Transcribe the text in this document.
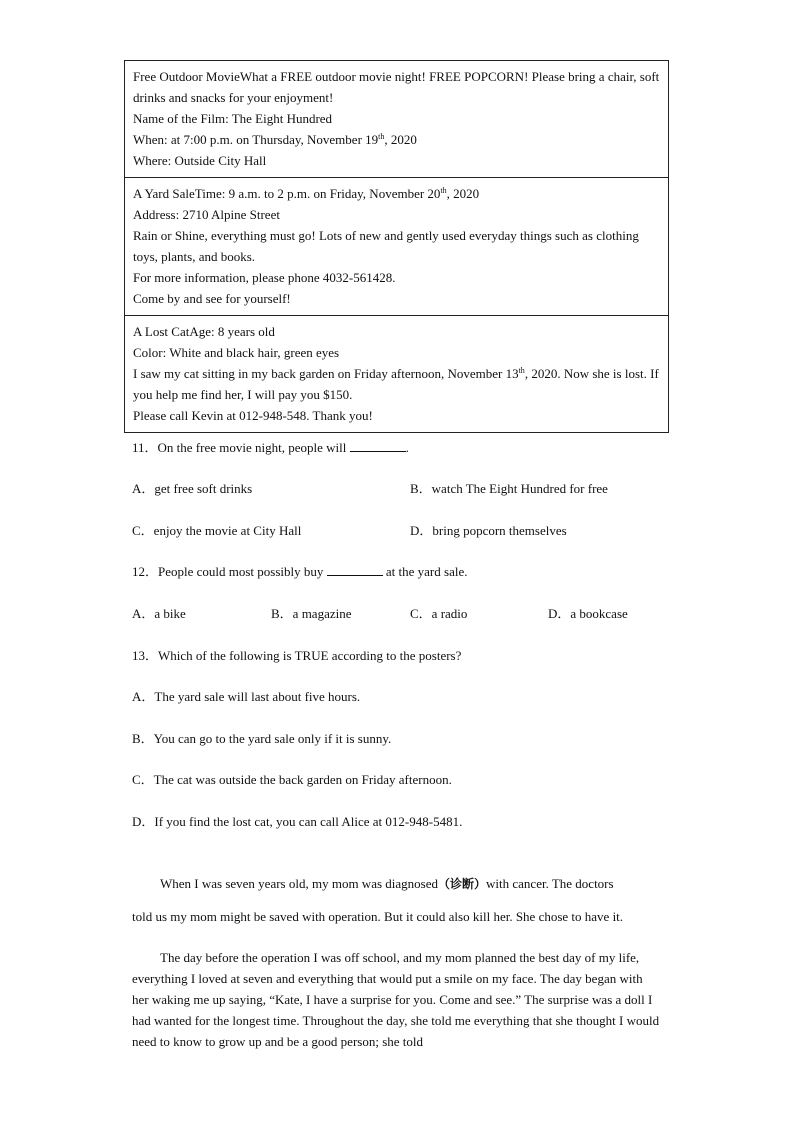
Free Outdoor MovieWhat a FREE outdoor movie night! FREE POPCORN! Please bring a chair, soft drinks and snacks for your enjoyment!
Name of the Film: The Eight Hundred
When: at 7:00 p.m. on Thursday, November 19th, 2020
Where: Outside City Hall

A Yard SaleTime: 9 a.m. to 2 p.m. on Friday, November 20th, 2020
Address: 2710 Alpine Street
Rain or Shine, everything must go! Lots of new and gently used everyday things such as clothing toys, plants, and books.
For more information, please phone 4032-561428.
Come by and see for yourself!

A Lost CatAge: 8 years old
Color: White and black hair, green eyes
I saw my cat sitting in my back garden on Friday afternoon, November 13th, 2020. Now she is lost. If you help me find her, I will pay you $150.
Please call Kevin at 012-948-548. Thank you!
11．On the free movie night, people will	.
A．get free soft drinks	B．watch The Eight Hundred for free
C．enjoy the movie at City Hall	D．bring popcorn themselves
12．People could most possibly buy	at the yard sale.
A．a bike	B．a magazine	C．a radio	D．a bookcase
13．Which of the following is TRUE according to the posters?
A．The yard sale will last about five hours.
B．You can go to the yard sale only if it is sunny.
C．The cat was outside the back garden on Friday afternoon.
D．If you find the lost cat, you can call Alice at 012-948-5481.
When I was seven years old, my mom was diagnosed（诊断）with cancer. The doctors
told us my mom might be saved with operation. But it could also kill her. She chose to have it.
The day before the operation I was off school, and my mom planned the best day of my life, everything I loved at seven and everything that would put a smile on my face. The day began with her waking me up saying, “Kate, I have a surprise for you. Come and see.” The surprise was a doll I had wanted for the longest time. Throughout the day, she told me everything that she thought I would need to know to grow up and be a good person; she told
